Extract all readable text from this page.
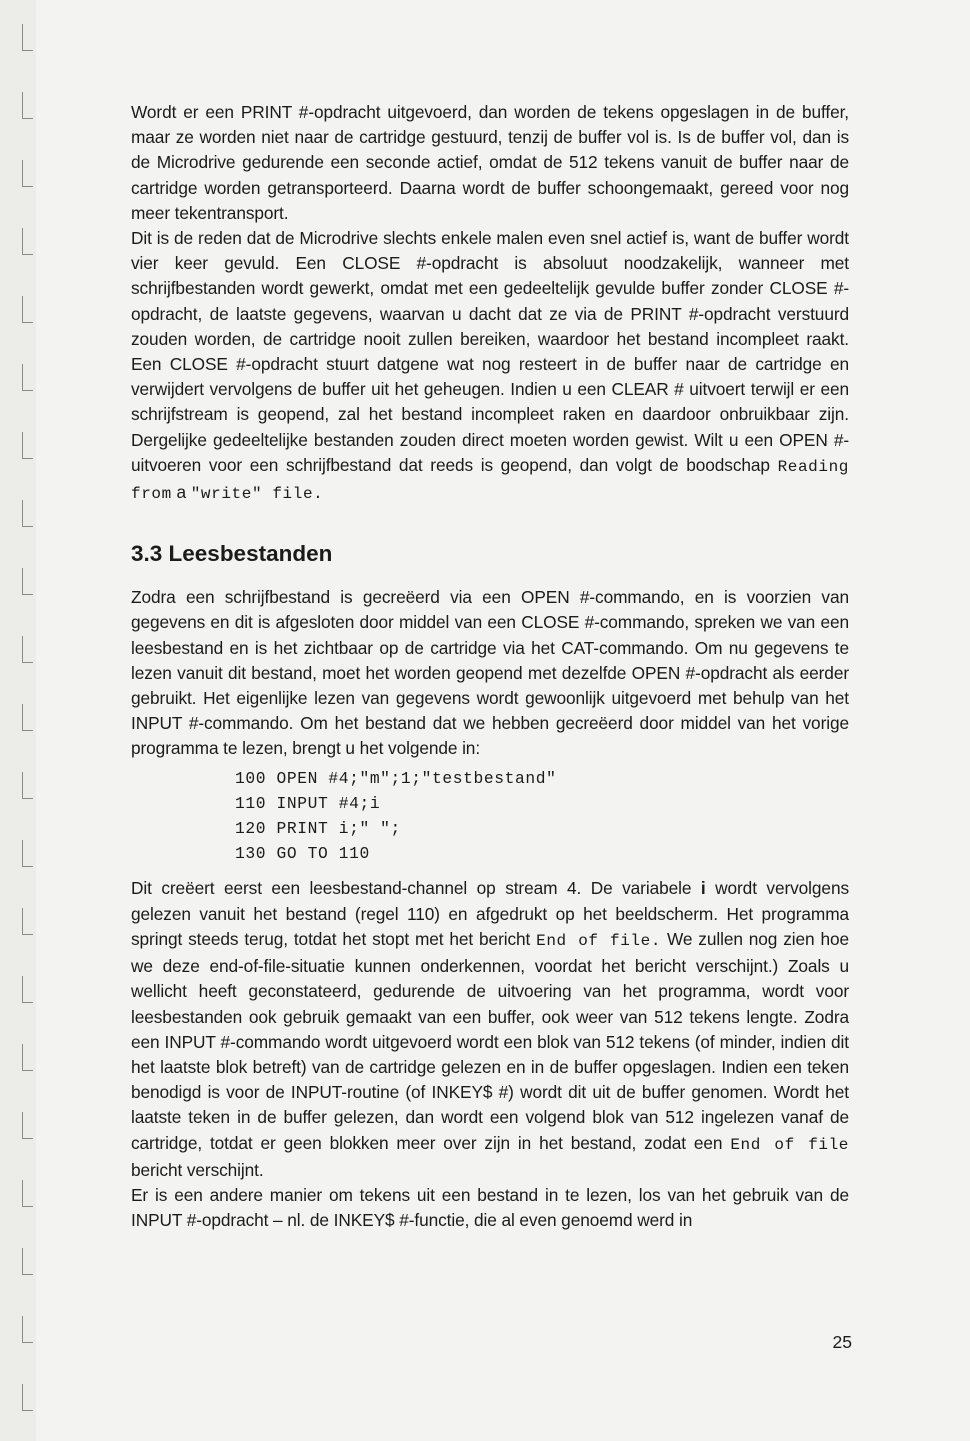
Wordt er een PRINT #-opdracht uitgevoerd, dan worden de tekens opgeslagen in de buffer, maar ze worden niet naar de cartridge gestuurd, tenzij de buffer vol is. Is de buffer vol, dan is de Microdrive gedurende een seconde actief, omdat de 512 tekens vanuit de buffer naar de cartridge worden getransporteerd. Daarna wordt de buffer schoongemaakt, gereed voor nog meer tekentransport.

Dit is de reden dat de Microdrive slechts enkele malen even snel actief is, want de buffer wordt vier keer gevuld. Een CLOSE #-opdracht is absoluut noodzakelijk, wanneer met schrijfbestanden wordt gewerkt, omdat met een gedeeltelijk gevulde buffer zonder CLOSE #-opdracht, de laatste gegevens, waarvan u dacht dat ze via de PRINT #-opdracht verstuurd zouden worden, de cartridge nooit zullen bereiken, waardoor het bestand incompleet raakt. Een CLOSE #-opdracht stuurt datgene wat nog resteert in de buffer naar de cartridge en verwijdert vervolgens de buffer uit het geheugen. Indien u een CLEAR # uitvoert terwijl er een schrijfstream is geopend, zal het bestand incompleet raken en daardoor onbruikbaar zijn. Dergelijke gedeeltelijke bestanden zouden direct moeten worden gewist. Wilt u een OPEN #-uitvoeren voor een schrijfbestand dat reeds is geopend, dan volgt de boodschap Reading from a "write" file.

3.3 Leesbestanden

Zodra een schrijfbestand is gecreëerd via een OPEN #-commando, en is voorzien van gegevens en dit is afgesloten door middel van een CLOSE #-commando, spreken we van een leesbestand en is het zichtbaar op de cartridge via het CAT-commando. Om nu gegevens te lezen vanuit dit bestand, moet het worden geopend met dezelfde OPEN #-opdracht als eerder gebruikt. Het eigenlijke lezen van gegevens wordt gewoonlijk uitgevoerd met behulp van het INPUT #-commando. Om het bestand dat we hebben gecreëerd door middel van het vorige programma te lezen, brengt u het volgende in:

100 OPEN #4;"m";1;"testbestand"
110 INPUT #4;i
120 PRINT i;" ";
130 GO TO 110

Dit creëert eerst een leesbestand-channel op stream 4. De variabele i wordt vervolgens gelezen vanuit het bestand (regel 110) en afgedrukt op het beeldscherm. Het programma springt steeds terug, totdat het stopt met het bericht End of file. We zullen nog zien hoe we deze end-of-file-situatie kunnen onderkennen, voordat het bericht verschijnt.) Zoals u wellicht heeft geconstateerd, gedurende de uitvoering van het programma, wordt voor leesbestanden ook gebruik gemaakt van een buffer, ook weer van 512 tekens lengte. Zodra een INPUT #-commando wordt uitgevoerd wordt een blok van 512 tekens (of minder, indien dit het laatste blok betreft) van de cartridge gelezen en in de buffer opgeslagen. Indien een teken benodigd is voor de INPUT-routine (of INKEY$ #) wordt dit uit de buffer genomen. Wordt het laatste teken in de buffer gelezen, dan wordt een volgend blok van 512 ingelezen vanaf de cartridge, totdat er geen blokken meer over zijn in het bestand, zodat een End of file bericht verschijnt.

Er is een andere manier om tekens uit een bestand in te lezen, los van het gebruik van de INPUT #-opdracht – nl. de INKEY$ #-functie, die al even genoemd werd in

25
